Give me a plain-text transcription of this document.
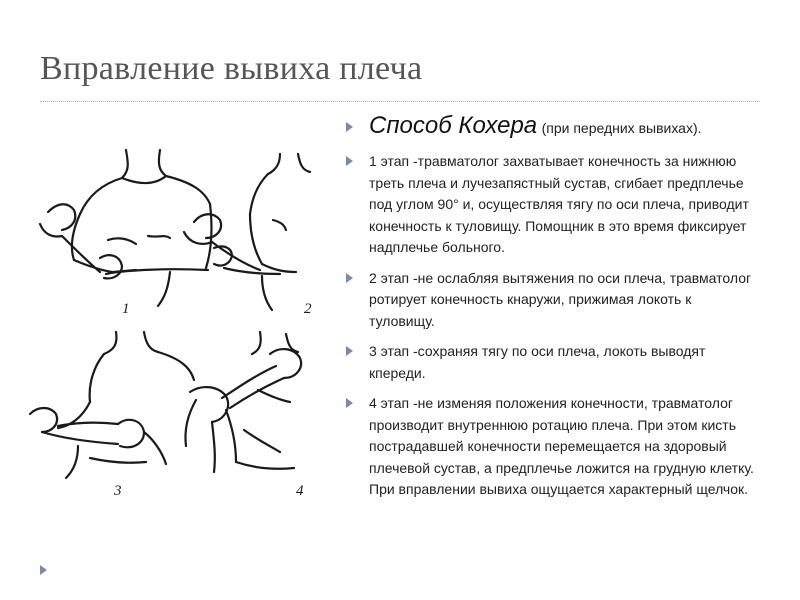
Вправление вывиха плеча
1	2
3	4
Способ Кохера (при передних вывихах).
1 этап -травматолог захватывает конечность за нижнюю треть плеча и лучезапястный сустав, сгибает предплечье под углом 90° и, осуществляя тягу по оси плеча, приводит конечность к туловищу. Помощник в это время фиксирует надплечье больного.
2 этап -не ослабляя вытяжения по оси плеча, травматолог ротирует конечность кнаружи, прижимая локоть к туловищу.
3 этап -сохраняя тягу по оси плеча, локоть выводят кпереди.
4 этап -не изменяя положения конечности, травматолог производит внутреннюю ротацию плеча. При этом кисть пострадавшей конечности перемещается на здоровый плечевой сустав, а предплечье ложится на грудную клетку. При вправлении вывиха ощущается характерный щелчок.
